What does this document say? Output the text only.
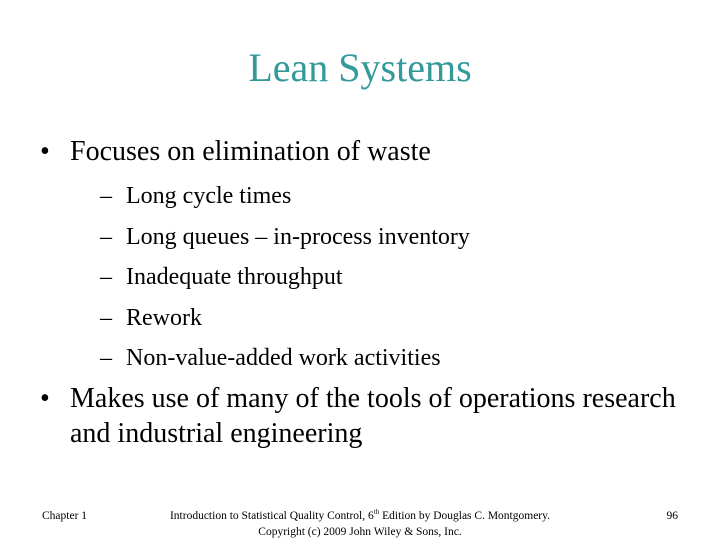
Lean Systems
• Focuses on elimination of waste
– Long cycle times
– Long queues – in-process inventory
– Inadequate throughput
– Rework
– Non-value-added work activities
• Makes use of many of the tools of operations research and industrial engineering
Chapter 1	Introduction to Statistical Quality Control, 6th Edition by Douglas C. Montgomery.
Copyright (c) 2009 John Wiley & Sons, Inc.
96
